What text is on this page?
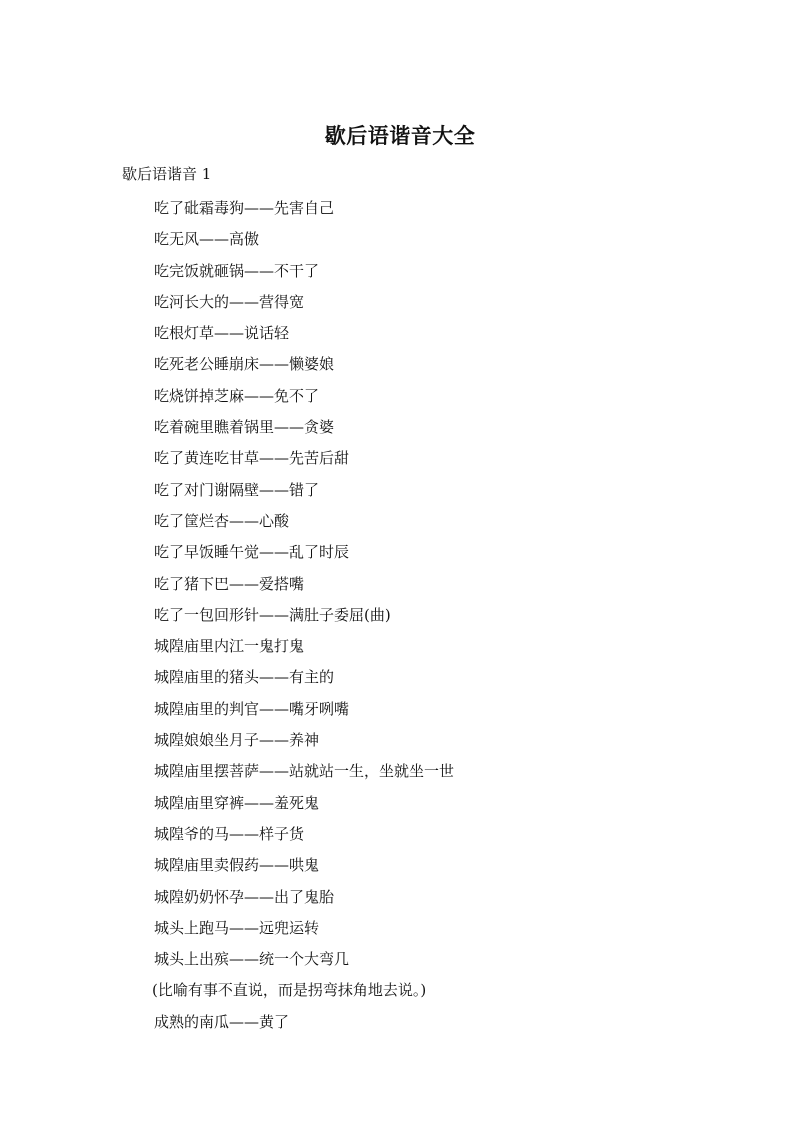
歇后语谐音大全
歇后语谐音 1
吃了砒霜毒狗——先害自己
吃无风——高傲
吃完饭就砸锅——不干了
吃河长大的——营得宽
吃根灯草——说话轻
吃死老公睡崩床——懒婆娘
吃烧饼掉芝麻——免不了
吃着碗里瞧着锅里——贪婆
吃了黄连吃甘草——先苦后甜
吃了对门谢隔壁——错了
吃了筐烂杏——心酸
吃了早饭睡午觉——乱了时辰
吃了猪下巴——爱搭嘴
吃了一包回形针——满肚子委屈(曲)
城隍庙里内江一鬼打鬼
城隍庙里的猪头——有主的
城隍庙里的判官——嘴牙咧嘴
城隍娘娘坐月子——养神
城隍庙里摆菩萨——站就站一生，坐就坐一世
城隍庙里穿裤——羞死鬼
城隍爷的马——样子货
城隍庙里卖假药——哄鬼
城隍奶奶怀孕——出了鬼胎
城头上跑马——远兜运转
城头上出殡——统一个大弯几
(比喻有事不直说，而是拐弯抹角地去说。)
成熟的南瓜——黄了
